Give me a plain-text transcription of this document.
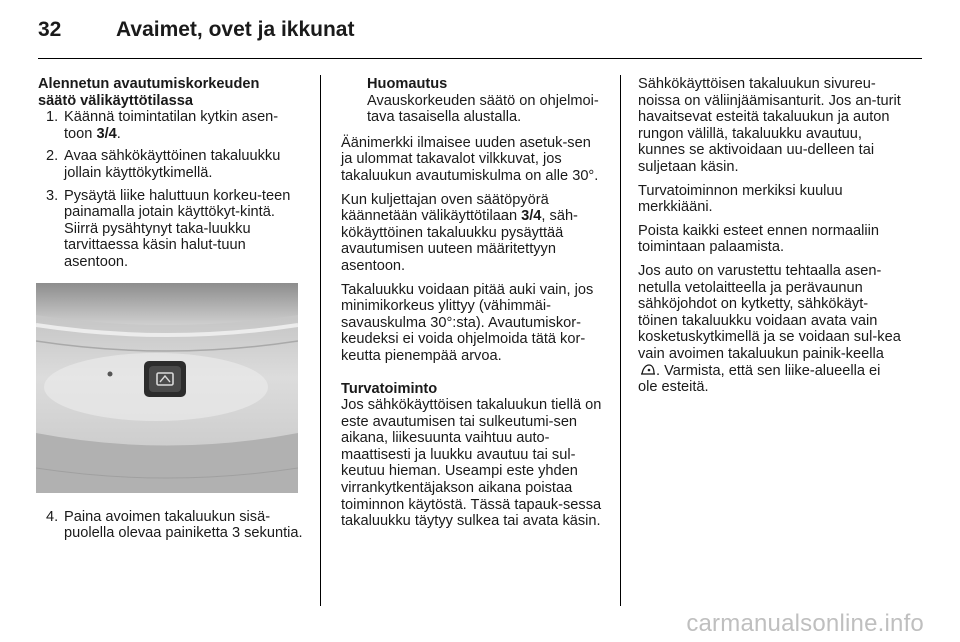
32	Avaimet, ovet ja ikkunat
Alennetun avautumiskorkeuden
säätö välikäyttötilassa
1. Käännä toimintatilan kytkin asen-toon 3/4.
2. Avaa sähkökäyttöinen takaluukku jollain käyttökytkimellä.
3. Pysäytä liike haluttuun korkeu-teen painamalla jotain käyttökyt-kintä. Siirrä pysähtynyt taka-luukku tarvittaessa käsin halut-tuun asentoon.
4. Paina avoimen takaluukun sisä-puolella olevaa painiketta 3 sekuntia.
Huomautus
Avauskorkeuden säätö on ohjelmoi-tava tasaisella alustalla.

Äänimerkki ilmaisee uuden asetuk-sen ja ulommat takavalot vilkkuvat, jos takaluukun avautumiskulma on alle 30°.

Kun kuljettajan oven säätöpyörä käännetään välikäyttötilaan 3/4, säh-kökäyttöinen takaluukku pysäyttää avautumisen uuteen määritettyyn asentoon.

Takaluukku voidaan pitää auki vain, jos minimikorkeus ylittyy (vähimmäi-savauskulma 30°:sta). Avautumiskor-keudeksi ei voida ohjelmoida tätä kor-keutta pienempää arvoa.

Turvatoiminto

Jos sähkökäyttöisen takaluukun tiellä on este avautumisen tai sulkeutumi-sen aikana, liikesuunta vaihtuu auto-maattisesti ja luukku avautuu tai sul-keutuu hieman. Useampi este yhden virrankytkentäjakson aikana poistaa toiminnon käytöstä. Tässä tapauk-sessa takaluukku täytyy sulkea tai avata käsin.

Sähkökäyttöisen takaluukun sivureu-noissa on väliinjäämisanturit. Jos an-turit havaitsevat esteitä takaluukun ja auton rungon välillä, takaluukku avautuu, kunnes se aktivoidaan uu-delleen tai suljetaan käsin.

Turvatoiminnon merkiksi kuuluu merkkiääni.

Poista kaikki esteet ennen normaaliin toimintaan palaamista.

Jos auto on varustettu tehtaalla asen-netulla vetolaitteella ja perävaunun sähköjohdot on kytketty, sähkökäyt-töinen takaluukku voidaan avata vain kosketuskytkimellä ja se voidaan sul-kea vain avoimen takaluukun painik-keella . Varmista, että sen liike-alueella ei ole esteitä.

carmanualsonline.info
